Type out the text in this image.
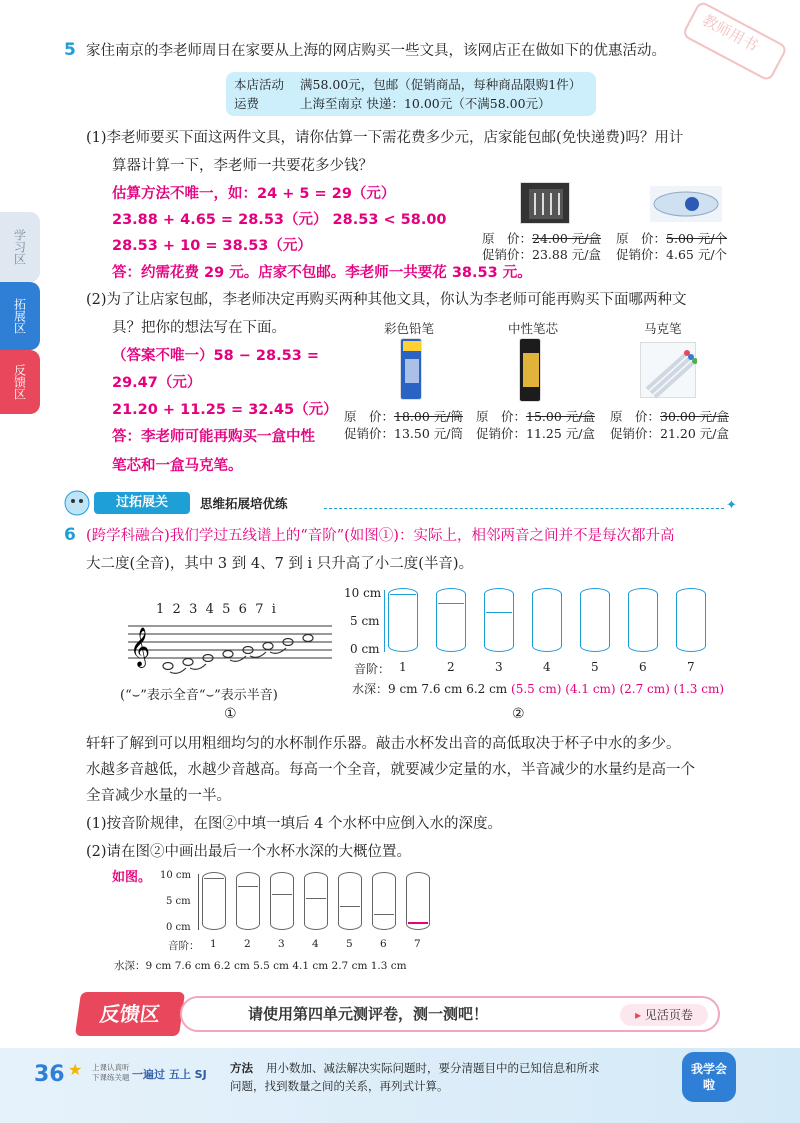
教师用书
学习区
拓展区
反馈区
5 家住南京的李老师周日在家要从上海的网店购买一些文具，该网店正在做如下的优惠活动。
本店活动 满58.00元，包邮（促销商品，每种商品限购1件）
运费	上海至南京 快递：10.00元（不满58.00元）
(1)李老师要买下面这两件文具，请你估算一下需花费多少元，店家能包邮(免快递费)吗？用计
算器计算一下，李老师一共要花多少钱？
估算方法不唯一，如：24 + 5 = 29（元）
23.88 + 4.65 = 28.53（元） 28.53 < 58.00
28.53 + 10 = 38.53（元）
答：约需花费 29 元。店家不包邮。李老师一共要花 38.53 元。
原　价：24.00 元/盒
促销价：23.88 元/盒
原　价：5.00 元/个
促销价：4.65 元/个
(2)为了让店家包邮，李老师决定再购买两种其他文具，你认为李老师可能再购买下面哪两种文
具？把你的想法写在下面。
（答案不唯一）58 − 28.53 =
29.47（元）
21.20 + 11.25 = 32.45（元）
答：李老师可能再购买一盒中性
笔芯和一盒马克笔。
彩色铅笔	中性笔芯	马克笔
原　价：18.00 元/筒
促销价：13.50 元/筒
原　价：15.00 元/盒
促销价：11.25 元/盒
原　价：30.00 元/盒
促销价：21.20 元/盒
过拓展关	思维拓展培优练	✦
6 (跨学科融合)我们学过五线谱上的“音阶”(如图①)：实际上，相邻两音之间并不是每次都升高
大二度(全音)，其中 3 到 4、7 到 i 只升高了小二度(半音)。
1  2  3  4  5  6  7  i
𝄞
(“⌣”表示全音“⌣”表示半音)
①
10 cm
5 cm
0 cm
音阶： 1	2	3	4	5	6	7
水深：9 cm 7.6 cm 6.2 cm (5.5 cm) (4.1 cm) (2.7 cm) (1.3 cm)
②
轩轩了解到可以用粗细均匀的水杯制作乐器。敲击水杯发出音的高低取决于杯子中水的多少。
水越多音越低，水越少音越高。每高一个全音，就要减少定量的水，半音减少的水量约是高一个
全音减少水量的一半。
(1)按音阶规律，在图②中填一填后 4 个水杯中应倒入水的深度。
(2)请在图②中画出最后一个水杯水深的大概位置。
如图。 10 cm
5 cm
0 cm
音阶： 1	2	3	4	5	6	7
水深：9 cm 7.6 cm 6.2 cm 5.5 cm 4.1 cm 2.7 cm 1.3 cm
反馈区	请使用第四单元测评卷，测一测吧！	▸ 见活页卷
36 ★ 上课认真听
下课练关题 一遍过 五上 SJ 方法 用小数加、减法解决实际问题时，要分清题目中的已知信息和所求
问题，找到数量之间的关系，再列式计算。
我学会啦
